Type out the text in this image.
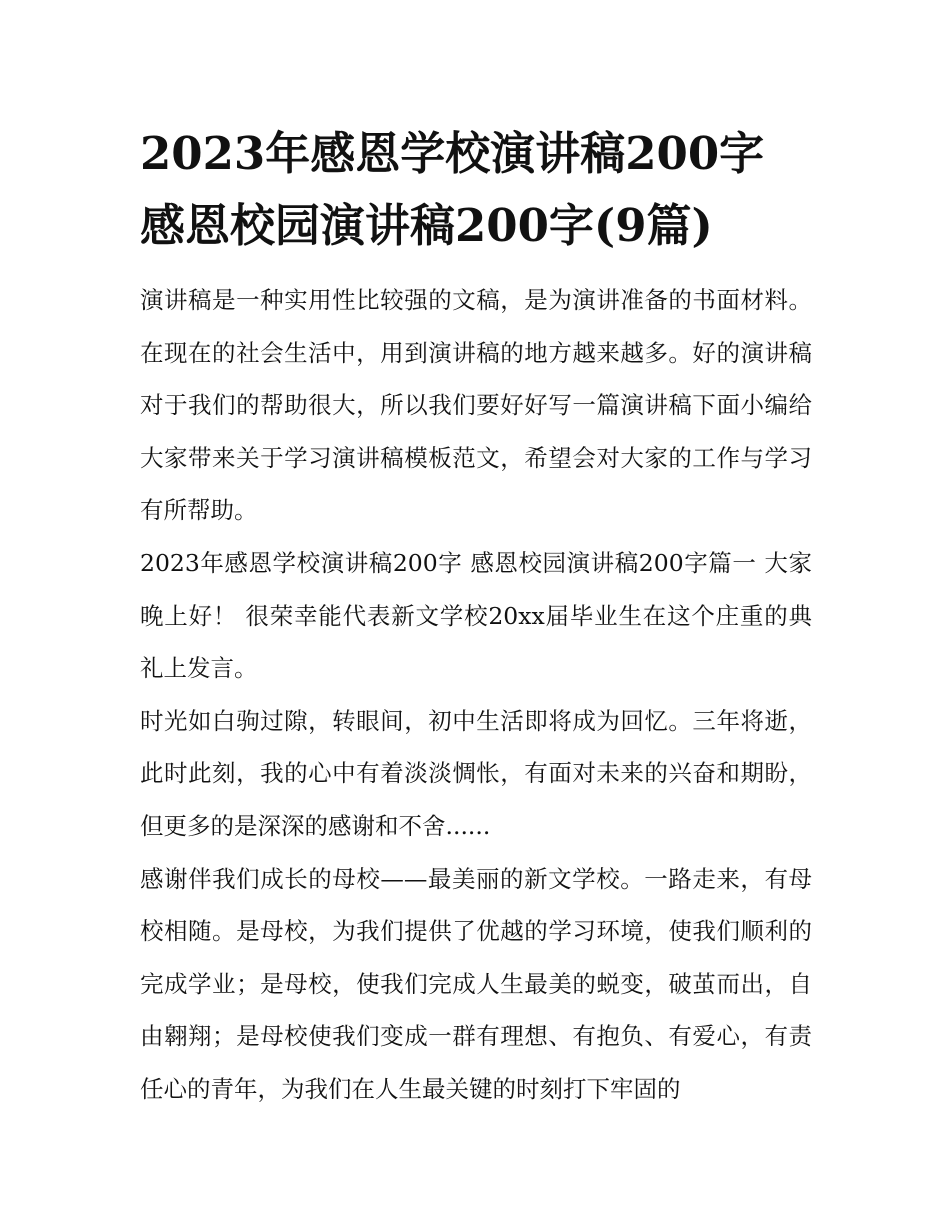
2023年感恩学校演讲稿200字 感恩校园演讲稿200字(9篇)

演讲稿是一种实用性比较强的文稿，是为演讲准备的书面材料。在现在的社会生活中，用到演讲稿的地方越来越多。好的演讲稿对于我们的帮助很大，所以我们要好好写一篇演讲稿下面小编给大家带来关于学习演讲稿模板范文，希望会对大家的工作与学习有所帮助。

2023年感恩学校演讲稿200字 感恩校园演讲稿200字篇一 大家晚上好！ 很荣幸能代表新文学校20xx届毕业生在这个庄重的典礼上发言。

时光如白驹过隙，转眼间，初中生活即将成为回忆。三年将逝，此时此刻，我的心中有着淡淡惆怅，有面对未来的兴奋和期盼，但更多的是深深的感谢和不舍......

感谢伴我们成长的母校——最美丽的新文学校。一路走来，有母校相随。是母校，为我们提供了优越的学习环境，使我们顺利的完成学业；是母校，使我们完成人生最美的蜕变，破茧而出，自由翱翔；是母校使我们变成一群有理想、有抱负、有爱心，有责任心的青年，为我们在人生最关键的时刻打下牢固的
